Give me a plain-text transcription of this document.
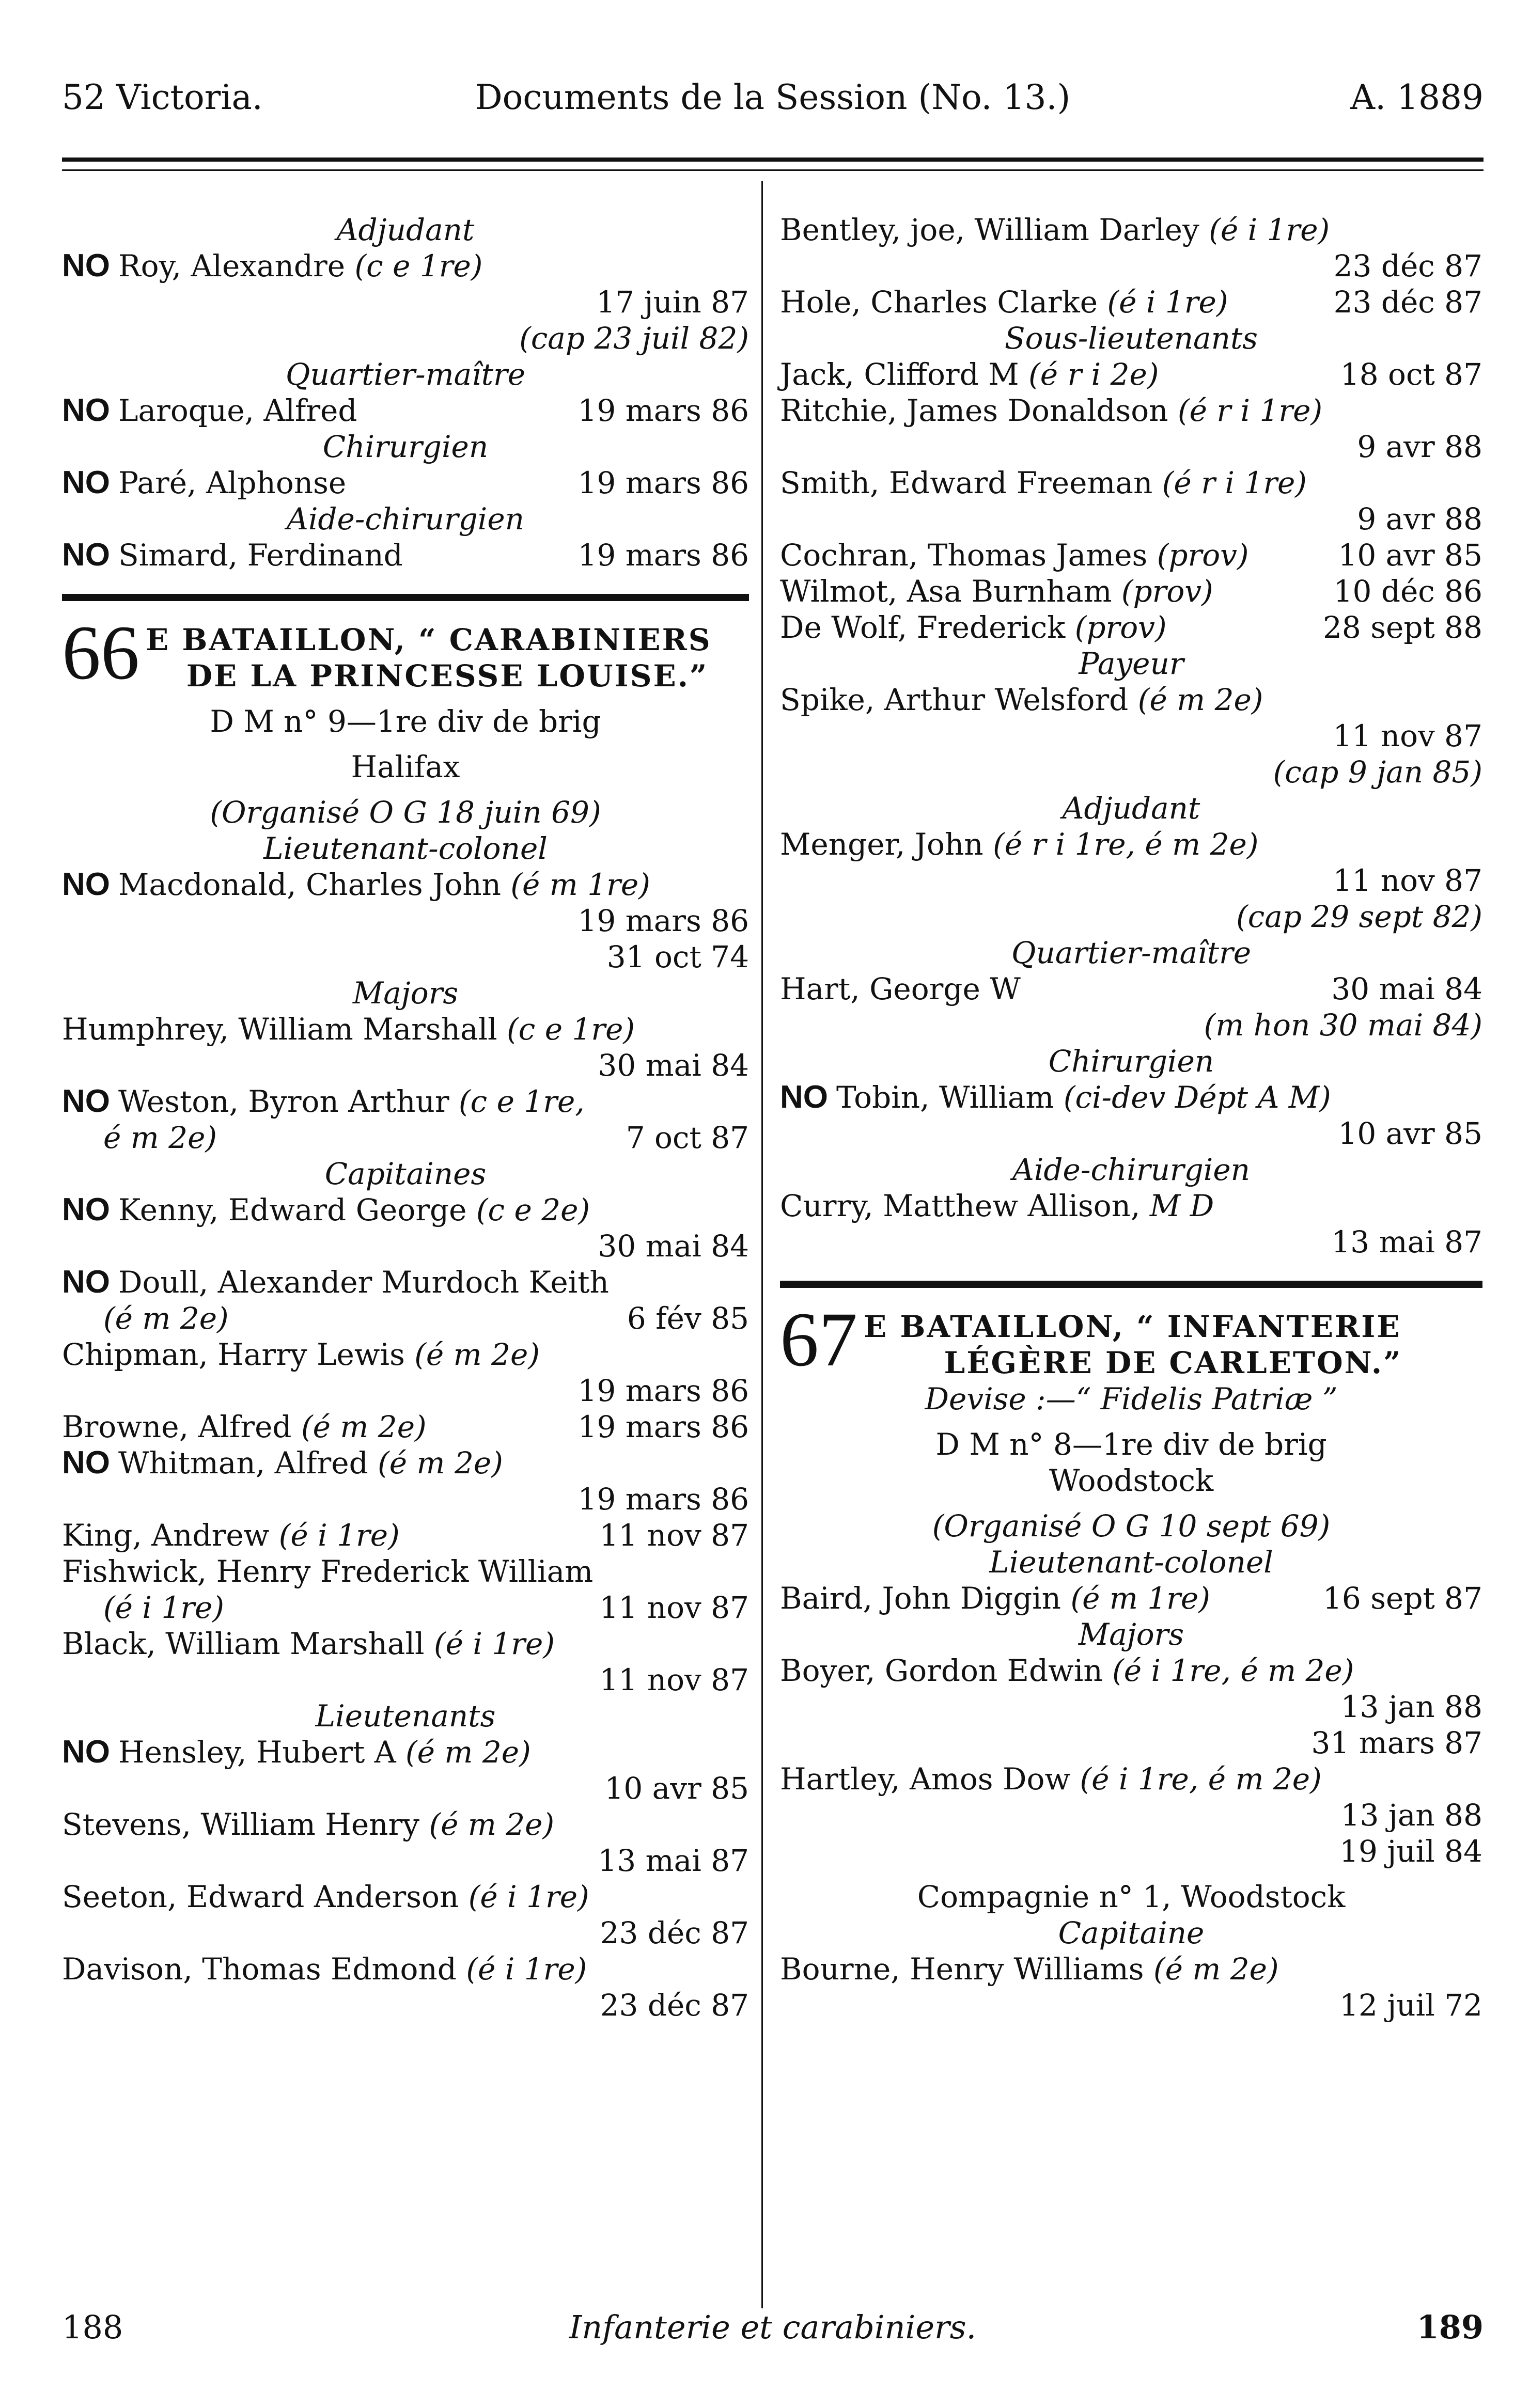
52 Victoria.	Documents de la Session (No. 13.)	A. 1889

Adjudant

NO Roy, Alexandre (c e 1re)

17 juin 87

(cap 23 juil 82)

Quartier-maître

NO Laroque, Alfred	19 mars 86

Chirurgien

NO Paré, Alphonse	19 mars 86

Aide-chirurgien

NO Simard, Ferdinand	19 mars 86

66 E BATAILLON, “ CARABINIERS

DE LA PRINCESSE LOUISE.”

D M n° 9—1re div de brig

Halifax

(Organisé O G 18 juin 69)

Lieutenant-colonel

NO Macdonald, Charles John (é m 1re)

19 mars 86

31 oct 74

Majors

Humphrey, William Marshall (c e 1re)

30 mai 84

NO Weston, Byron Arthur (c e 1re,

é m 2e)	7 oct 87

Capitaines

NO Kenny, Edward George (c e 2e)

30 mai 84

NO Doull, Alexander Murdoch Keith

(é m 2e)	6 fév 85

Chipman, Harry Lewis (é m 2e)

19 mars 86

Browne, Alfred (é m 2e)	19 mars 86

NO Whitman, Alfred (é m 2e)

19 mars 86

King, Andrew (é i 1re)	11 nov 87

Fishwick, Henry Frederick William

(é i 1re)	11 nov 87

Black, William Marshall (é i 1re)

11 nov 87

Lieutenants

NO Hensley, Hubert A (é m 2e)

10 avr 85

Stevens, William Henry (é m 2e)

13 mai 87

Seeton, Edward Anderson (é i 1re)

23 déc 87

Davison, Thomas Edmond (é i 1re)

23 déc 87

Bentley, joe, William Darley (é i 1re)

23 déc 87

Hole, Charles Clarke (é i 1re)	23 déc 87

Sous-lieutenants

Jack, Clifford M (é r i 2e)	18 oct 87

Ritchie, James Donaldson (é r i 1re)

9 avr 88

Smith, Edward Freeman (é r i 1re)

9 avr 88

Cochran, Thomas James (prov)	10 avr 85

Wilmot, Asa Burnham (prov)	10 déc 86

De Wolf, Frederick (prov)	28 sept 88

Payeur

Spike, Arthur Welsford (é m 2e)

11 nov 87

(cap 9 jan 85)

Adjudant

Menger, John (é r i 1re, é m 2e)

11 nov 87

(cap 29 sept 82)

Quartier-maître

Hart, George W	30 mai 84

(m hon 30 mai 84)

Chirurgien

NO Tobin, William (ci-dev Dépt A M)

10 avr 85

Aide-chirurgien

Curry, Matthew Allison, M D

13 mai 87

67 E BATAILLON, “ INFANTERIE

LÉGÈRE DE CARLETON.”

Devise :—“ Fidelis Patriæ ”

D M n° 8—1re div de brig

Woodstock

(Organisé O G 10 sept 69)

Lieutenant-colonel

Baird, John Diggin (é m 1re)	16 sept 87

Majors

Boyer, Gordon Edwin (é i 1re, é m 2e)

13 jan 88

31 mars 87

Hartley, Amos Dow (é i 1re, é m 2e)

13 jan 88

19 juil 84

Compagnie n° 1, Woodstock

Capitaine

Bourne, Henry Williams (é m 2e)

12 juil 72

188	Infanterie et carabiniers.	189
